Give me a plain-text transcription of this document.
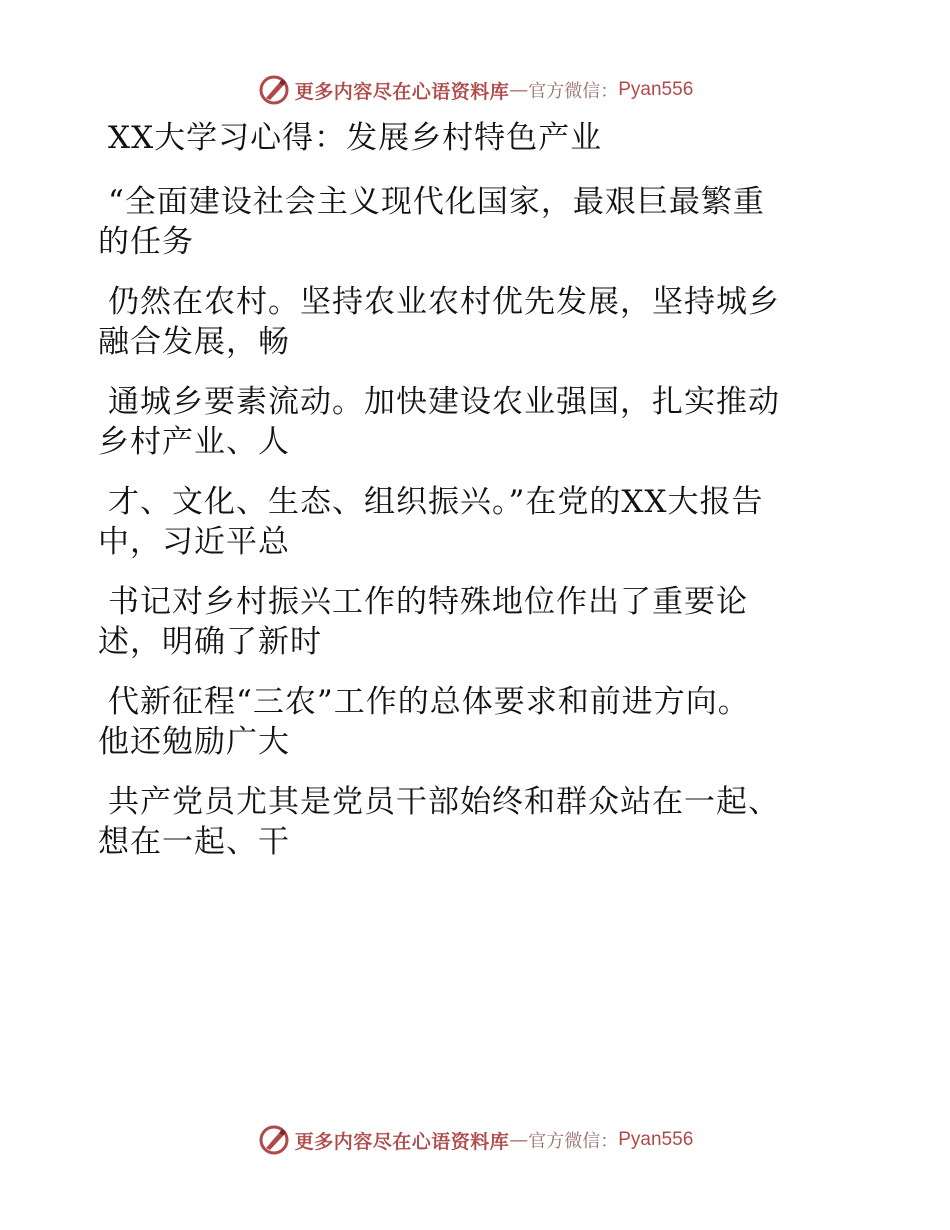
更多内容尽在心语资料库 — 官方微信： Pyan556
XX大学习心得：发展乡村特色产业
“全面建设社会主义现代化国家，最艰巨最繁重
的任务
仍然在农村。坚持农业农村优先发展，坚持城乡
融合发展，畅
通城乡要素流动。加快建设农业强国，扎实推动
乡村产业、人
才、文化、生态、组织振兴。”在党的XX大报告
中，习近平总
书记对乡村振兴工作的特殊地位作出了重要论
述，明确了新时
代新征程“三农”工作的总体要求和前进方向。
他还勉励广大
共产党员尤其是党员干部始终和群众站在一起、
想在一起、干
更多内容尽在心语资料库 — 官方微信： Pyan556
